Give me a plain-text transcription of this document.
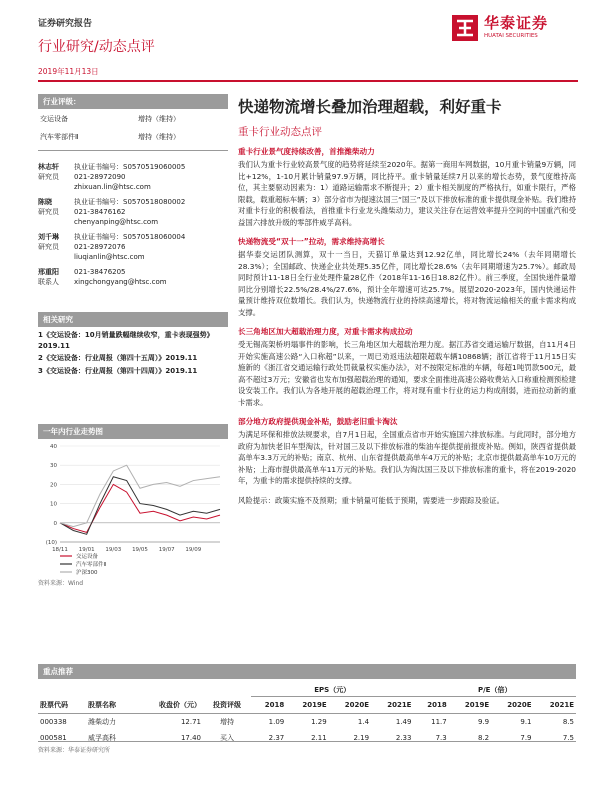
证券研究报告
行业研究/动态点评
2019年11月13日
华泰证券
HUATAI SECURITIES
行业评级：
交运设备	增持（维持）
汽车零部件Ⅱ	增持（维持）
林志轩
研究员
执业证书编号：S0570519060005
021-28972090
zhixuan.lin@htsc.com
陈晓
研究员
执业证书编号：S0570518080002
021-38476162
chenyanping@htsc.com
刘千琳
研究员
执业证书编号：S0570518060004
021-28972076
liuqianlin@htsc.com
邢重阳
联系人
021-38476205
xingchongyang@htsc.com
相关研究
1《交运设备：10月销量跌幅继续收窄，重卡表现强势》2019.11
2《交运设备：行业周报（第四十五周）》2019.11
3《交运设备：行业周报（第四十四周）》2019.11
一年内行业走势图
40
30
20
10
0
(10)
18/11 19/01 19/03 19/05 19/07 19/09
交运设备
汽车零部件Ⅱ
沪深300
资料来源：Wind
快递物流增长叠加治理超载，利好重卡
重卡行业动态点评
重卡行业景气度持续改善，首推潍柴动力
我们认为重卡行业较高景气度的趋势将延续至2020年。据第一商用车网数据，10月重卡销量9万辆，同比+12%，1-10月累计销量97.9万辆，同比持平。重卡销量延续7月以来的增长态势，景气度维持高位，其主要驱动因素为：1）道路运输需求不断提升；2）重卡相关制度的严格执行，如重卡限行，严格限载，载重超标车辆；3）部分省市为提速汰国三“国三”及以下排放标准的重卡提供现金补贴。我们维持对重卡行业的积极看法，首推重卡行业龙头潍柴动力，建议关注存在运营效率提升空间的中国重汽和受益国六排放升级的零部件威孚高科。
快递物流受“双十一”拉动，需求维持高增长
据华泰交运团队测算，双十一当日，天猫订单量达到12.92亿单，同比增长24%（去年同期增长28.3%）；全国邮政、快递企业共处理5.35亿件，同比增长28.6%（去年同期增速为25.7%）。邮政局同时预计11-18日全行业处理件量28亿件（2018年11-16日18.82亿件）。前三季度，全国快递件量增同比分别增长22.5%/28.4%/27.6%，预计全年增速可达25.7%。展望2020-2023年，国内快递运件量预计维持双位数增长。我们认为，快递物流行业的持续高速增长，将对物流运输相关的重卡需求构成支撑。
长三角地区加大超载治理力度，对重卡需求构成拉动
受无锡高架桥坍塌事件的影响，长三角地区加大超载治理力度。据江苏省交通运输厅数据，自11月4日开始实施高速公路“入口称超”以来，一周已劝返违法超限超载车辆10868辆；浙江省将于11月15日实施新的《浙江省交通运输行政处罚裁量权实施办法》，对不按限定标准的车辆，每超1吨罚款500元，最高不超过3万元；安徽省也发布加强超载治理的通知，要求全面推进高速公路收费站入口称重检测预检建设安装工作。我们认为各地开展的超载治理工作，将对现有重卡行业的运力构成削弱，进而拉动新的重卡需求。
部分地方政府提供现金补贴，鼓励老旧重卡淘汰
为满足环保和排放法规要求，自7月1日起，全国重点省市开始实施国六排放标准。与此同时，部分地方政府为加快老旧车型淘汰，针对国三及以下排放标准的柴油车提供提前报废补贴。例如，陕西省提供最高单车3.3万元的补贴；南京、杭州、山东省提供最高单车4万元的补贴；北京市提供最高单车10万元的补贴；上海市提供最高单车11万元的补贴。我们认为淘汰国三及以下排放标准的重卡，将在2019-2020年，为重卡的需求提供持续的支撑。
风险提示：政策实施不及预期；重卡销量可能低于预期，需要进一步跟踪及验证。
重点推荐
				EPS（元）				P/E（倍）			
股票代码	股票名称	收盘价（元）	投资评级	2018	2019E	2020E	2021E	2018	2019E	2020E	2021E
000338	潍柴动力	12.71	增持	1.09	1.29	1.4	1.49	11.7	9.9	9.1	8.5
000581	威孚高科	17.40	买入	2.37	2.11	2.19	2.33	7.3	8.2	7.9	7.5
资料来源：华泰证券研究所
